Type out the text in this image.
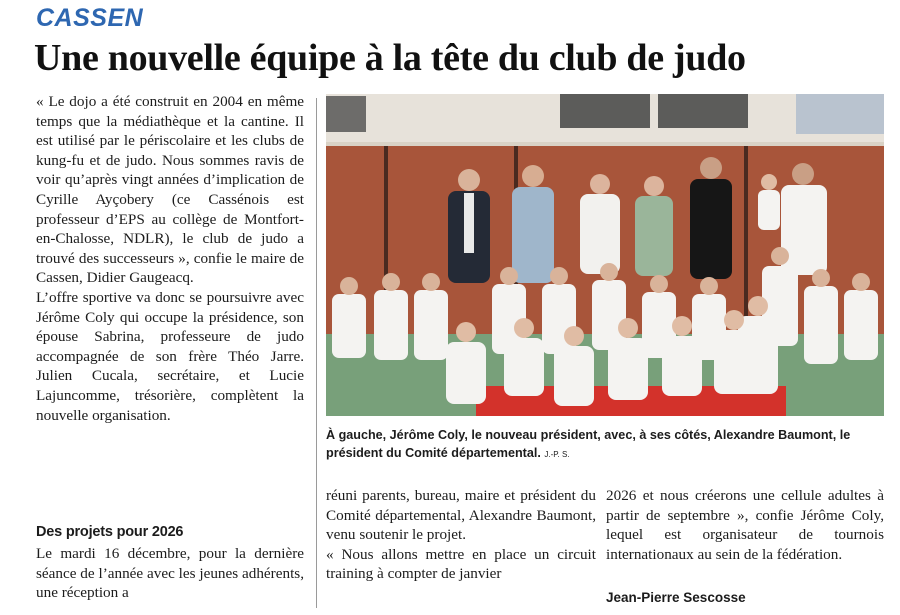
CASSEN
Une nouvelle équipe à la tête du club de judo

« Le dojo a été construit en 2004 en même temps que la médiathèque et la cantine. Il est utilisé par le périscolaire et les clubs de kung-fu et de judo. Nous sommes ravis de voir qu’après vingt années d’implication de Cyrille Ayçobery (ce Cassénois est professeur d’EPS au collège de Montfort-en-Chalosse, NDLR), le club de judo a trouvé des successeurs », confie le maire de Cassen, Didier Gaugeacq.

L’offre sportive va donc se poursuivre avec Jérôme Coly qui occupe la présidence, son épouse Sabrina, professeure de judo accompagnée de son frère Théo Jarre. Julien Cucala, secrétaire, et Lucie Lajuncomme, trésorière, complètent la nouvelle organisation.

Des projets pour 2026

Le mardi 16 décembre, pour la dernière séance de l’année avec les jeunes adhérents, une réception a

À gauche, Jérôme Coly, le nouveau président, avec, à ses côtés, Alexandre Baumont, le président du Comité départemental. J.-P. S.

réuni parents, bureau, maire et président du Comité départemental, Alexandre Baumont, venu soutenir le projet.

« Nous allons mettre en place un circuit training à compter de janvier

2026 et nous créerons une cellule adultes à partir de septembre », confie Jérôme Coly, lequel est organisateur de tournois internationaux au sein de la fédération.

Jean-Pierre Sescosse
